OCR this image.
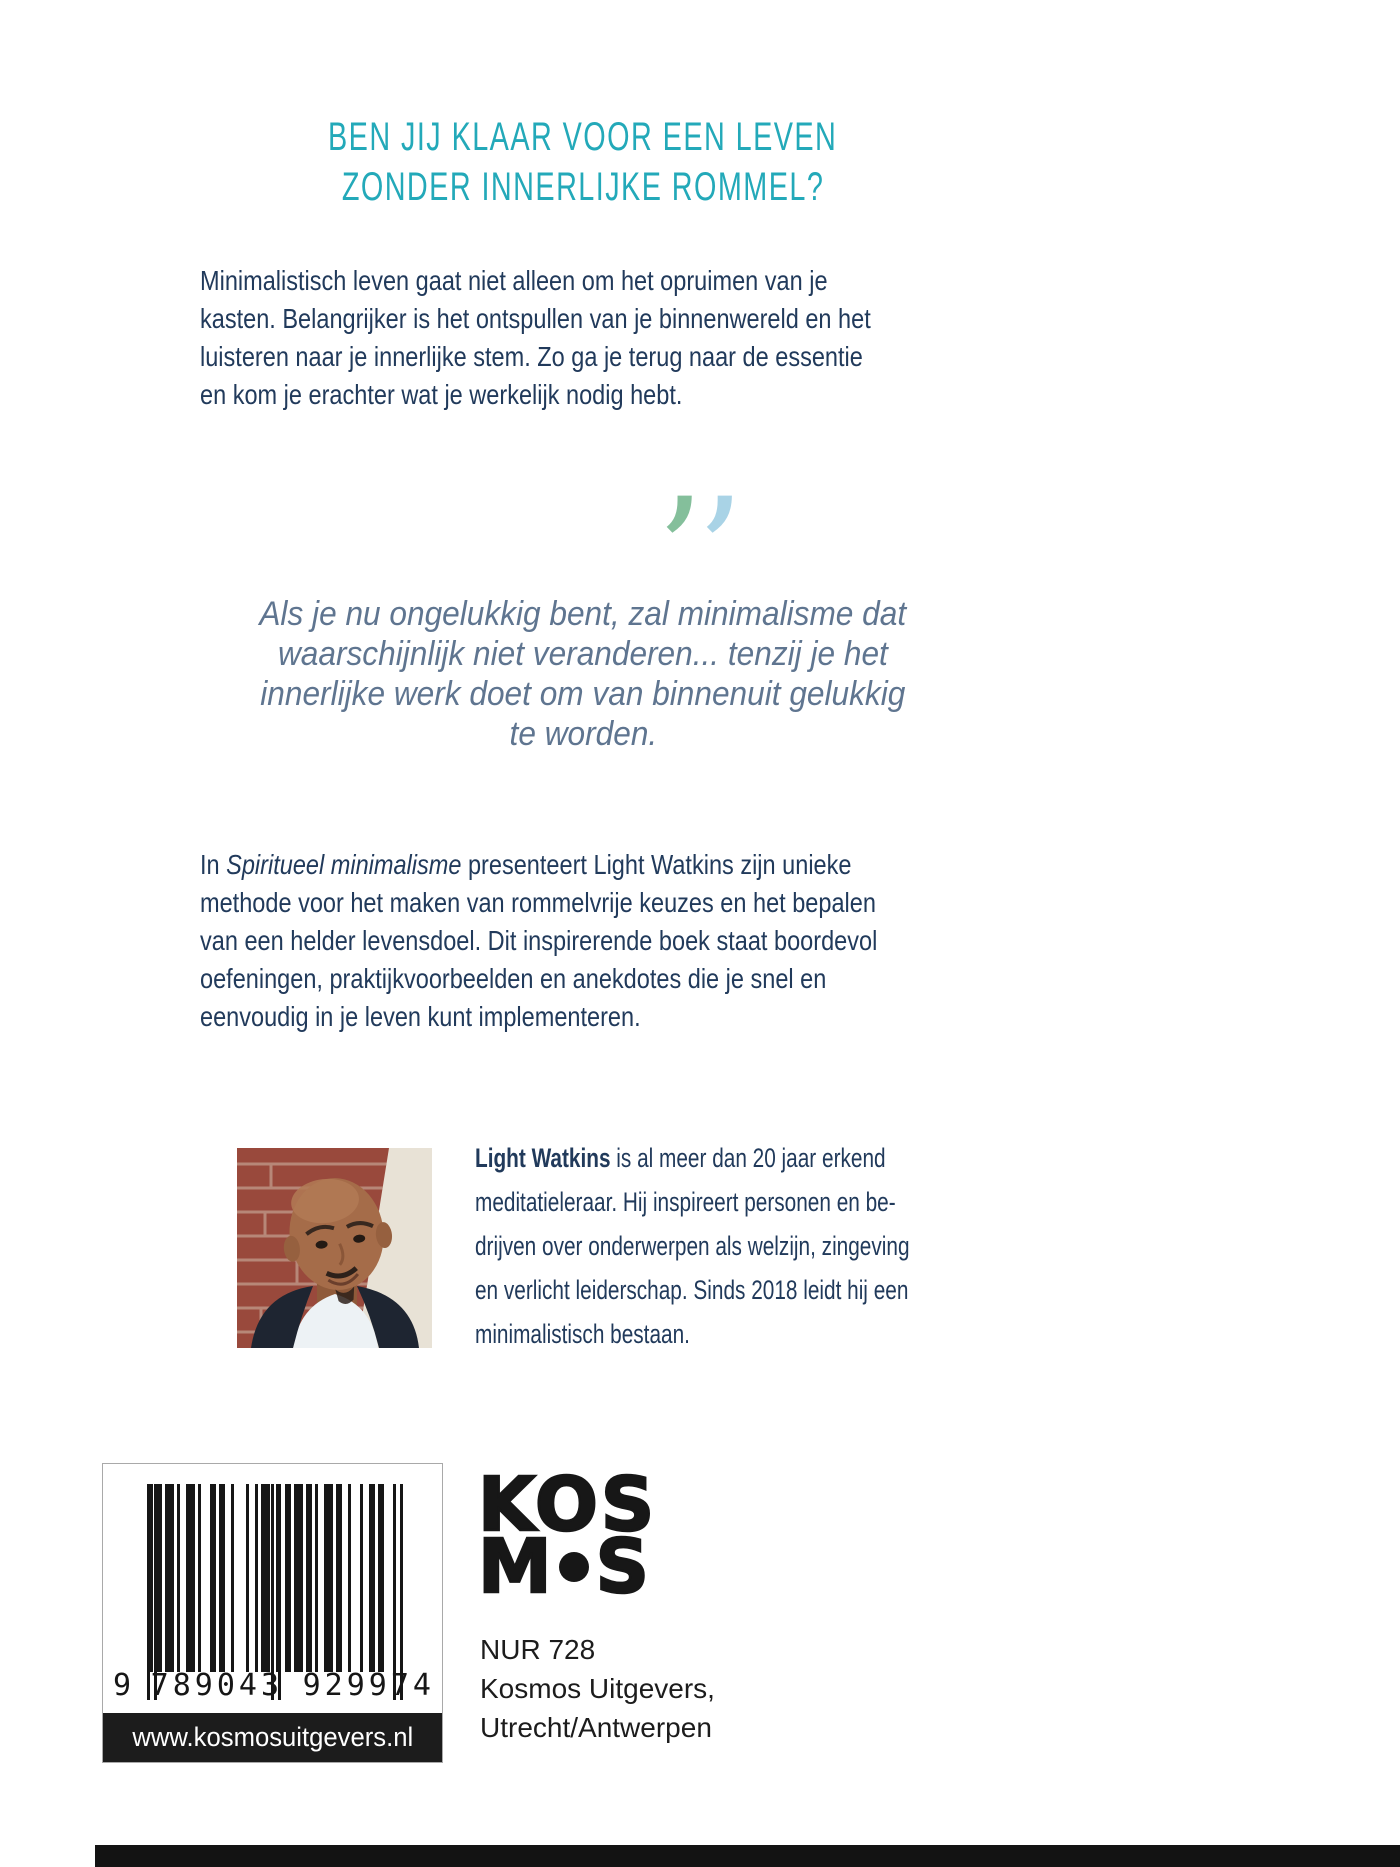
BEN JIJ KLAAR VOOR EEN LEVEN
ZONDER INNERLIJKE ROMMEL?
Minimalistisch leven gaat niet alleen om het opruimen van je
kasten. Belangrijker is het ontspullen van je binnenwereld en het
luisteren naar je innerlijke stem. Zo ga je terug naar de essentie
en kom je erachter wat je werkelijk nodig hebt.
’ ’
Als je nu ongelukkig bent, zal minimalisme dat
waarschijnlijk niet veranderen... tenzij je het
innerlijke werk doet om van binnenuit gelukkig
te worden.
In Spiritueel minimalisme presenteert Light Watkins zijn unieke
methode voor het maken van rommelvrije keuzes en het bepalen
van een helder levensdoel. Dit inspirerende boek staat boordevol
oefeningen, praktijkvoorbeelden en anekdotes die je snel en
eenvoudig in je leven kunt implementeren.
Light Watkins is al meer dan 20 jaar erkend
meditatieleraar. Hij inspireert personen en be-
drijven over onderwerpen als welzijn, zingeving
en verlicht leiderschap. Sinds 2018 leidt hij een
minimalistisch bestaan.
9 789043 929974
www.kosmosuitgevers.nl
KOS
M S
NUR 728
Kosmos Uitgevers,
Utrecht/Antwerpen
